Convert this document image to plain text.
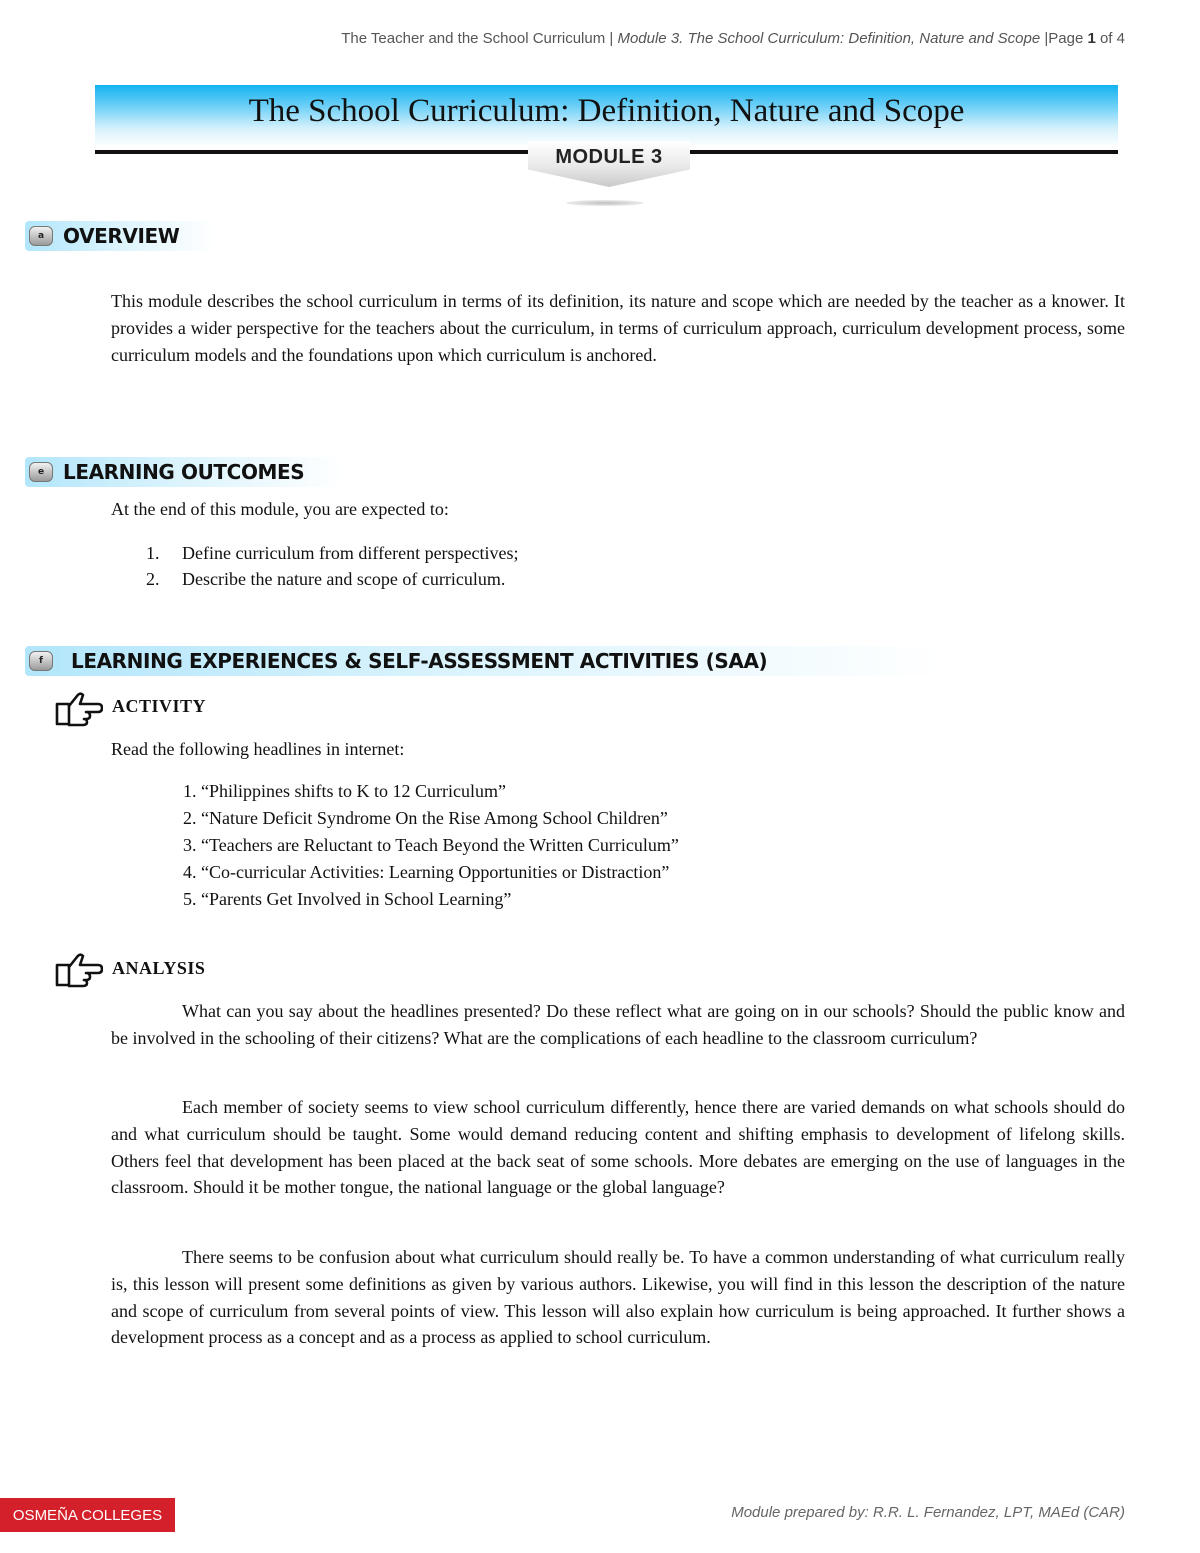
The Teacher and the School Curriculum | Module 3. The School Curriculum: Definition, Nature and Scope |Page 1 of 4
The School Curriculum: Definition, Nature and Scope
MODULE 3
a OVERVIEW

This module describes the school curriculum in terms of its definition, its nature and scope which are needed by the teacher as a knower. It provides a wider perspective for the teachers about the curriculum, in terms of curriculum approach, curriculum development process, some curriculum models and the foundations upon which curriculum is anchored.

e LEARNING OUTCOMES
At the end of this module, you are expected to:
1. Define curriculum from different perspectives;
2. Describe the nature and scope of curriculum.
f	LEARNING EXPERIENCES & SELF-ASSESSMENT ACTIVITIES (SAA)
ACTIVITY
Read the following headlines in internet:
1. “Philippines shifts to K to 12 Curriculum”
2. “Nature Deficit Syndrome On the Rise Among School Children”
3. “Teachers are Reluctant to Teach Beyond the Written Curriculum”
4. “Co-curricular Activities: Learning Opportunities or Distraction”
5. “Parents Get Involved in School Learning”
ANALYSIS

What can you say about the headlines presented? Do these reflect what are going on in our schools? Should the public know and be involved in the schooling of their citizens? What are the complications of each headline to the classroom curriculum?

Each member of society seems to view school curriculum differently, hence there are varied demands on what schools should do and what curriculum should be taught. Some would demand reducing content and shifting emphasis to development of lifelong skills. Others feel that development has been placed at the back seat of some schools. More debates are emerging on the use of languages in the classroom. Should it be mother tongue, the national language or the global language?

There seems to be confusion about what curriculum should really be. To have a common understanding of what curriculum really is, this lesson will present some definitions as given by various authors. Likewise, you will find in this lesson the description of the nature and scope of curriculum from several points of view. This lesson will also explain how curriculum is being approached. It further shows a development process as a concept and as a process as applied to school curriculum.

OSMEÑA COLLEGES	Module prepared by: R.R. L. Fernandez, LPT, MAEd (CAR)
